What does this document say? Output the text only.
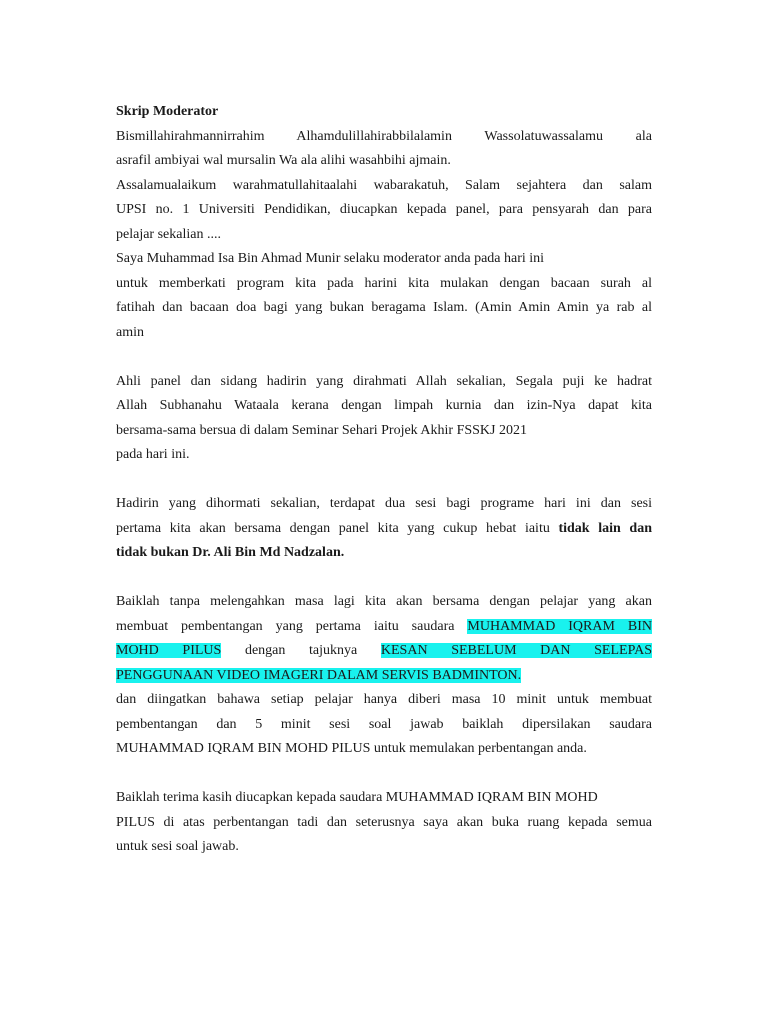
Skrip Moderator
Bismillahirahmannirrahim Alhamdulillahirabbilalamin Wassolatuwassalamu ala
asrafil ambiyai wal mursalin Wa ala alihi wasahbihi ajmain.
Assalamualaikum warahmatullahitaalahi wabarakatuh, Salam sejahtera dan salam
UPSI no. 1 Universiti Pendidikan, diucapkan kepada panel, para pensyarah dan para
pelajar sekalian ....
Saya Muhammad Isa Bin Ahmad Munir selaku moderator anda pada hari ini
untuk memberkati program kita pada harini kita mulakan dengan bacaan surah al
fatihah dan bacaan doa bagi yang bukan beragama Islam. (Amin Amin Amin ya rab al
amin
Ahli panel dan sidang hadirin yang dirahmati Allah sekalian, Segala puji ke hadrat
Allah Subhanahu Wataala kerana dengan limpah kurnia dan izin-Nya dapat kita
bersama-sama bersua di dalam Seminar Sehari Projek Akhir FSSKJ 2021
pada hari ini.
Hadirin yang dihormati sekalian, terdapat dua sesi bagi programe hari ini dan sesi
pertama kita akan bersama dengan panel kita yang cukup hebat iaitu tidak lain dan
tidak bukan Dr. Ali Bin Md Nadzalan.
Baiklah tanpa melengahkan masa lagi kita akan bersama dengan pelajar yang akan
membuat pembentangan yang pertama iaitu saudara MUHAMMAD IQRAM BIN
MOHD PILUS dengan tajuknya KESAN SEBELUM DAN SELEPAS
PENGGUNAAN VIDEO IMAGERI DALAM SERVIS BADMINTON.
dan diingatkan bahawa setiap pelajar hanya diberi masa 10 minit untuk membuat
pembentangan dan 5 minit sesi soal jawab baiklah dipersilakan saudara
MUHAMMAD IQRAM BIN MOHD PILUS untuk memulakan perbentangan anda.
Baiklah terima kasih diucapkan kepada saudara MUHAMMAD IQRAM BIN MOHD
PILUS di atas perbentangan tadi dan seterusnya saya akan buka ruang kepada semua
untuk sesi soal jawab.
